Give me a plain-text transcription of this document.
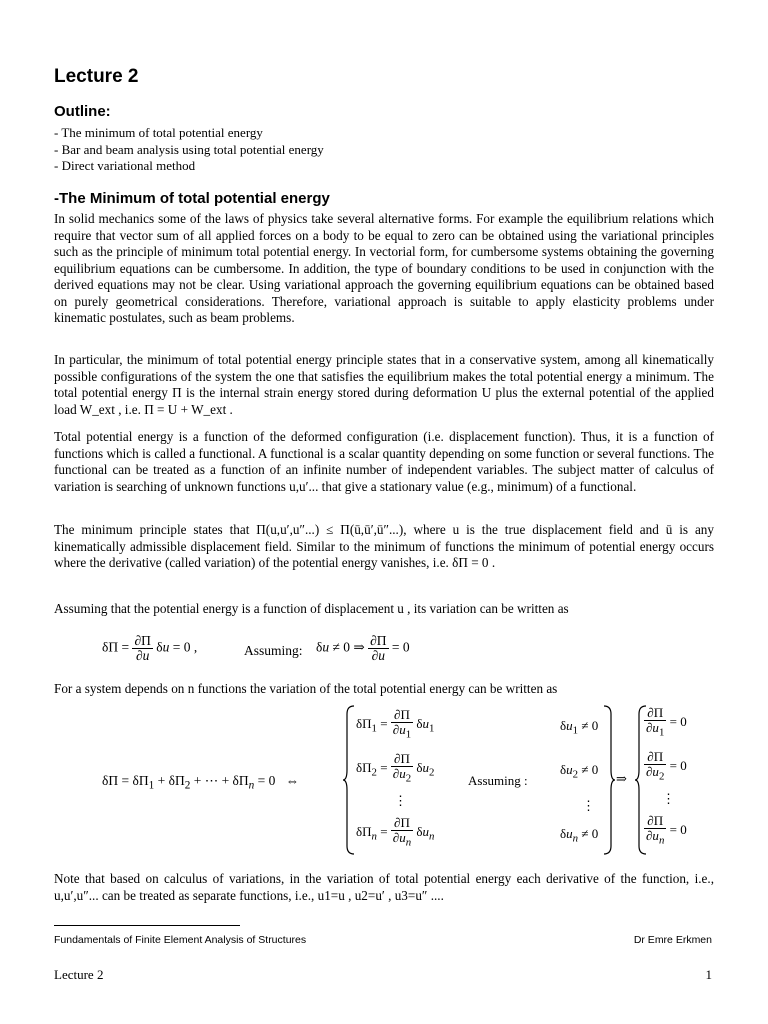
Lecture 2
Outline:
- The minimum of total potential energy
- Bar and beam analysis using total potential energy
- Direct variational method
-The Minimum of total potential energy

In solid mechanics some of the laws of physics take several alternative forms. For example the equilibrium relations which require that vector sum of all applied forces on a body to be equal to zero can be obtained using the variational principles such as the principle of minimum total potential energy. In vectorial form, for cumbersome systems obtaining the governing equilibrium equations can be cumbersome. In addition, the type of boundary conditions to be used in conjunction with the derived equations may not be clear. Using variational approach the governing equilibrium equations can be obtained based on purely geometrical considerations. Therefore, variational approach is suitable to apply elasticity problems under kinematic postulates, such as beam problems.

In particular, the minimum of total potential energy principle states that in a conservative system, among all kinematically possible configurations of the system the one that satisfies the equilibrium makes the total potential energy a minimum. The total potential energy Π is the internal strain energy stored during deformation U plus the external potential of the applied load W_ext , i.e. Π = U + W_ext .

Total potential energy is a function of the deformed configuration (i.e. displacement function). Thus, it is a function of functions which is called a functional. A functional is a scalar quantity depending on some function or several functions. The functional can be treated as a function of an infinite number of independent variables. The subject matter of calculus of variation is searching of unknown functions u,u′... that give a stationary value (e.g., minimum) of a functional.

The minimum principle states that Π(u,u′,u″...) ≤ Π(ū,ū′,ū″...), where u is the true displacement field and ū is any kinematically admissible displacement field. Similar to the minimum of functions the minimum of potential energy occurs where the derivative (called variation) of the potential energy vanishes, i.e. δΠ = 0 .

Assuming that the potential energy is a function of displacement u , its variation can be written as

$\delta\Pi = \frac{\partial\Pi}{\partial u}$ δu = 0 ,	Assuming: δu ≠ 0 ⇒ $\frac{\partial\Pi}{\partial u} = 0$

For a system depends on n functions the variation of the total potential energy can be written as

$\delta\Pi = \delta\Pi_1 + \delta\Pi_2$ + ⋯ + $\delta\Pi_n = 0$   ⇔
$\delta\Pi_1 = \frac{\partial\Pi}{\partial u_1} \delta u_1$
$\delta\Pi_2 = \frac{\partial\Pi}{\partial u_2} \delta u_2$
⋮
$\delta\Pi_n = \frac{\partial\Pi}{\partial u_n} \delta u_n$
Assuming :
$\delta u_1 \ne 0$
$\delta u_2 \ne 0$
⋮
$\delta u_n \ne 0$
⇒
$\frac{\partial\Pi}{\partial u_1} = 0$
$\frac{\partial\Pi}{\partial u_2} = 0$
⋮
$\frac{\partial\Pi}{\partial u_n} = 0$

Note that based on calculus of variations, in the variation of total potential energy each derivative of the function, i.e., u,u′,u″... can be treated as separate functions, i.e., u1=u , u2=u′ , u3=u″ ....

Fundamentals of Finite Element Analysis of Structures	Dr Emre Erkmen
Lecture 2	1
